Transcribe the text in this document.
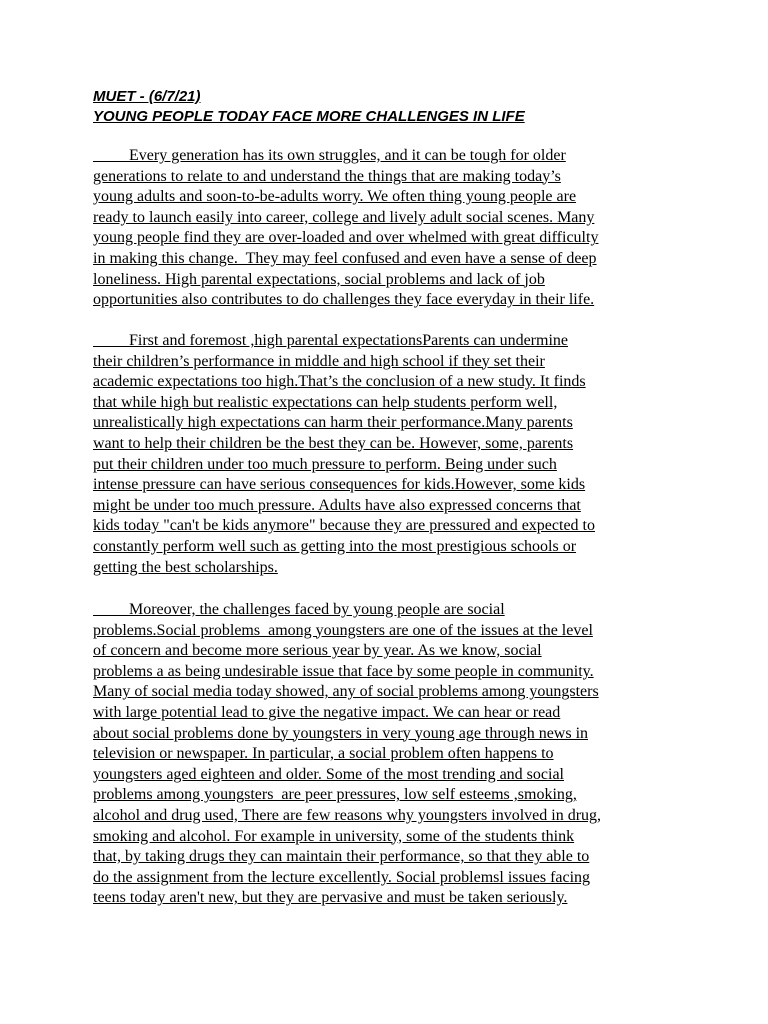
MUET - (6/7/21)
YOUNG PEOPLE TODAY FACE MORE CHALLENGES IN LIFE
Every generation has its own struggles, and it can be tough for older
generations to relate to and understand the things that are making today’s
young adults and soon-to-be-adults worry. We often thing young people are
ready to launch easily into career, college and lively adult social scenes. Many
young people find they are over-loaded and over whelmed with great difficulty
in making this change.  They may feel confused and even have a sense of deep
loneliness. High parental expectations, social problems and lack of job
opportunities also contributes to do challenges they face everyday in their life.
First and foremost ,high parental expectationsParents can undermine
their children’s performance in middle and high school if they set their
academic expectations too high.That’s the conclusion of a new study. It finds
that while high but realistic expectations can help students perform well,
unrealistically high expectations can harm their performance.Many parents
want to help their children be the best they can be. However, some, parents
put their children under too much pressure to perform. Being under such
intense pressure can have serious consequences for kids.However, some kids
might be under too much pressure. Adults have also expressed concerns that
kids today "can't be kids anymore" because they are pressured and expected to
constantly perform well such as getting into the most prestigious schools or
getting the best scholarships.
Moreover, the challenges faced by young people are social
problems.Social problems  among youngsters are one of the issues at the level
of concern and become more serious year by year. As we know, social
problems a as being undesirable issue that face by some people in community.
Many of social media today showed, any of social problems among youngsters
with large potential lead to give the negative impact. We can hear or read
about social problems done by youngsters in very young age through news in
television or newspaper. In particular, a social problem often happens to
youngsters aged eighteen and older. Some of the most trending and social
problems among youngsters  are peer pressures, low self esteems ,smoking,
alcohol and drug used, There are few reasons why youngsters involved in drug,
smoking and alcohol. For example in university, some of the students think
that, by taking drugs they can maintain their performance, so that they able to
do the assignment from the lecture excellently. Social problemsl issues facing
teens today aren't new, but they are pervasive and must be taken seriously.
